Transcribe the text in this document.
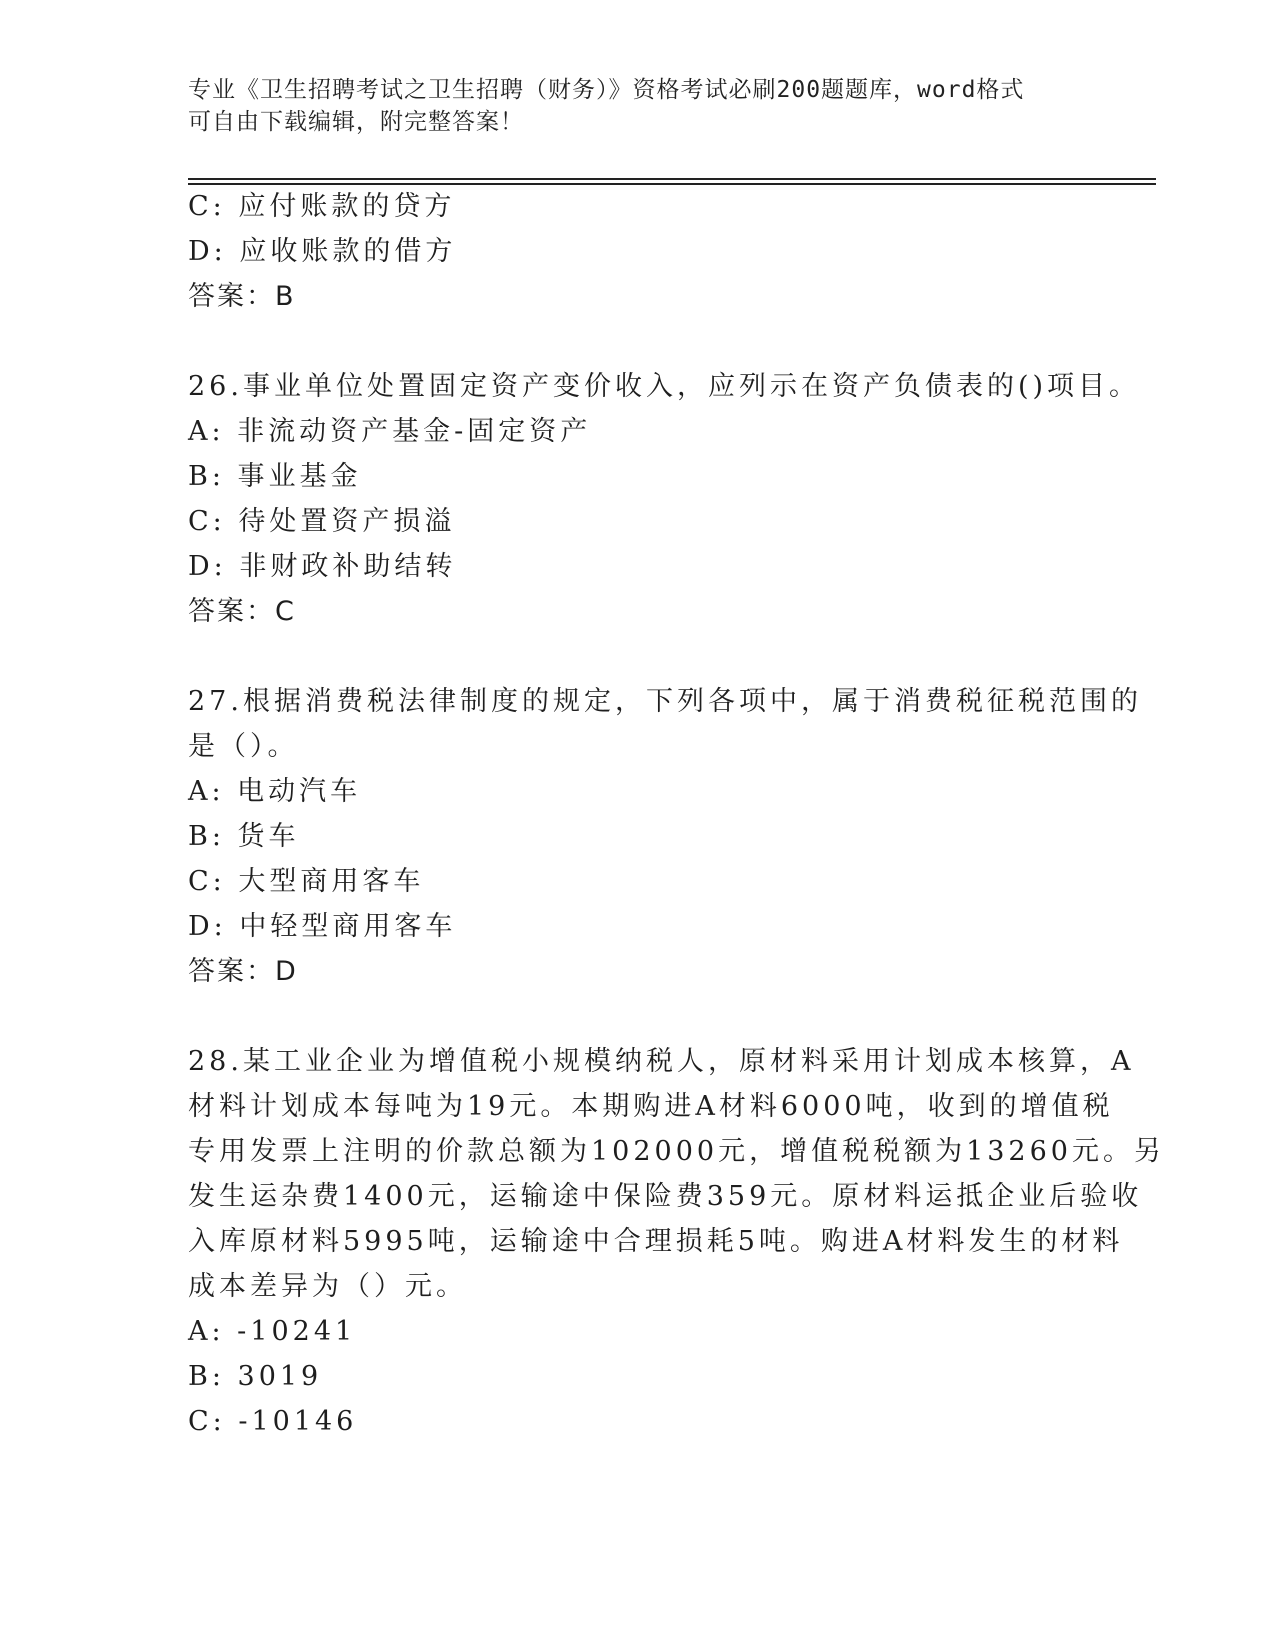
专业《卫生招聘考试之卫生招聘（财务）》资格考试必刷200题题库，word格式
可自由下载编辑，附完整答案！
C: 应付账款的贷方
D: 应收账款的借方
答案：B
26.事业单位处置固定资产变价收入，应列示在资产负债表的()项目。
A: 非流动资产基金-固定资产
B: 事业基金
C: 待处置资产损溢
D: 非财政补助结转
答案：C
27.根据消费税法律制度的规定，下列各项中，属于消费税征税范围的
是（）。
A: 电动汽车
B: 货车
C: 大型商用客车
D: 中轻型商用客车
答案：D
28.某工业企业为增值税小规模纳税人，原材料采用计划成本核算，A
材料计划成本每吨为19元。本期购进A材料6000吨，收到的增值税
专用发票上注明的价款总额为102000元，增值税税额为13260元。另
发生运杂费1400元，运输途中保险费359元。原材料运抵企业后验收
入库原材料5995吨，运输途中合理损耗5吨。购进A材料发生的材料
成本差异为（）元。
A: -10241
B: 3019
C: -10146
